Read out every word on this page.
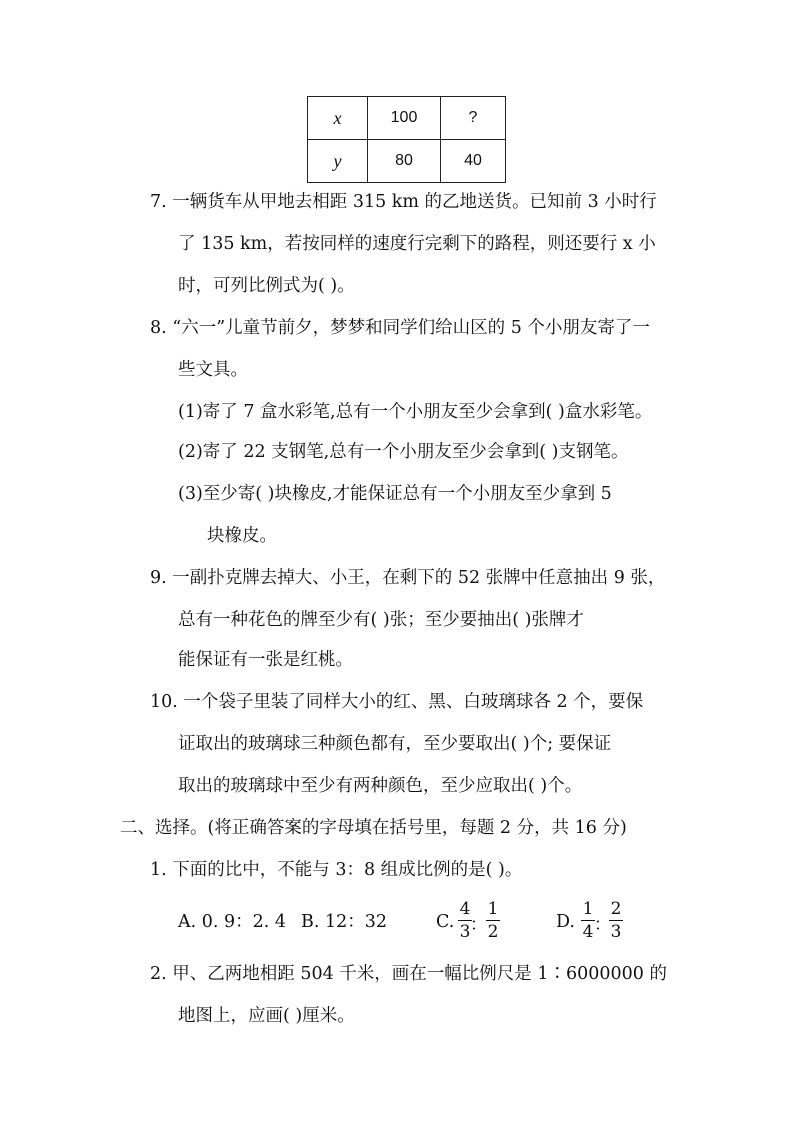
x	100	?
y	80	40
7. 一辆货车从甲地去相距 315 km 的乙地送货。已知前 3 小时行
了 135 km，若按同样的速度行完剩下的路程，则还要行 x 小
时，可列比例式为( )。
8. “六一”儿童节前夕，梦梦和同学们给山区的 5 个小朋友寄了一
些文具。
(1)寄了 7 盒水彩笔,总有一个小朋友至少会拿到( )盒水彩笔。
(2)寄了 22 支钢笔,总有一个小朋友至少会拿到( )支钢笔。
(3)至少寄( )块橡皮,才能保证总有一个小朋友至少拿到 5
块橡皮。
9. 一副扑克牌去掉大、小王，在剩下的 52 张牌中任意抽出 9 张，
总有一种花色的牌至少有( )张；至少要抽出( )张牌才
能保证有一张是红桃。
10. 一个袋子里装了同样大小的红、黑、白玻璃球各 2 个，要保
证取出的玻璃球三种颜色都有，至少要取出( )个; 要保证
取出的玻璃球中至少有两种颜色，至少应取出( )个。
二、选择。(将正确答案的字母填在括号里，每题 2 分，共 16 分)
1. 下面的比中，不能与 3：8 组成比例的是( )。
A. 0. 9：2. 4 B. 12：32	C. $\frac{4}{3}$
： $\frac{1}{2}$	D. $\frac{1}{4}$ ：
$\frac{2}{3}$
2. 甲、乙两地相距 504 千米，画在一幅比例尺是 1∶6000000 的
地图上，应画( )厘米。
